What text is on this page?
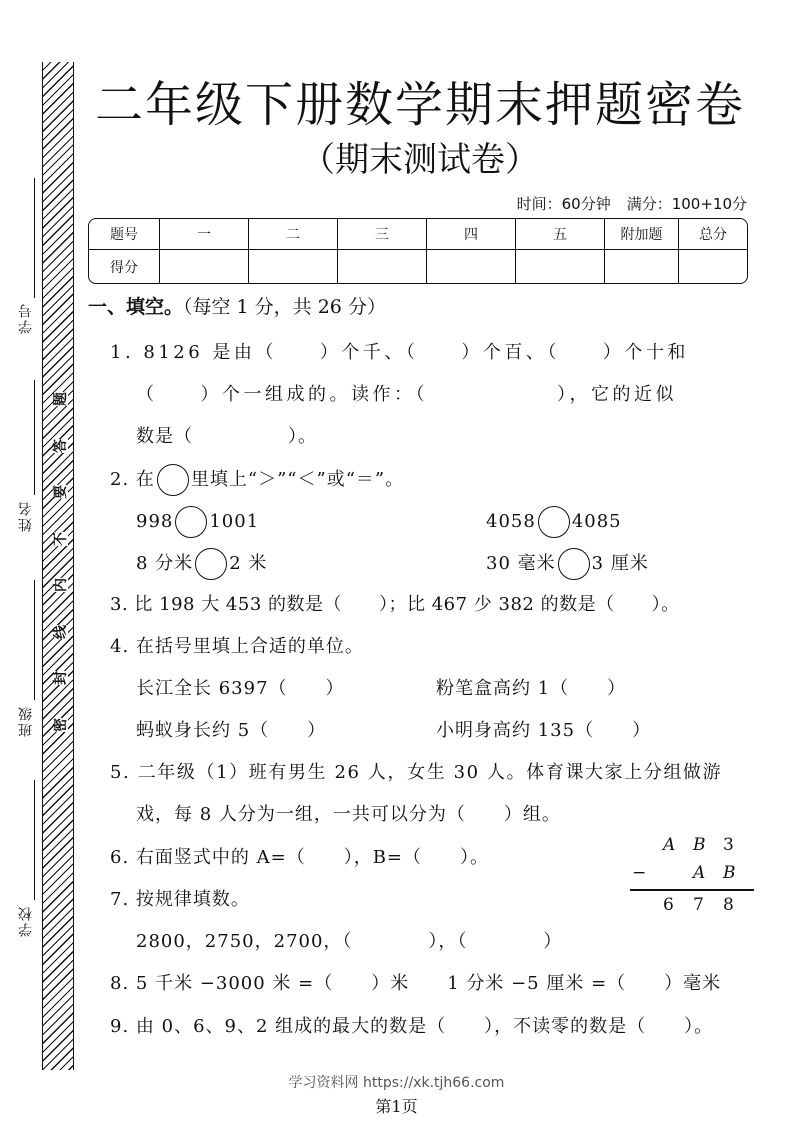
题
答
要
不
内
线
封
密
学号
姓名
班级
学校
二年级下册数学期末押题密卷
（期末测试卷）
时间：60分钟 满分：100+10分
题号	一	二	三	四	五	附加题	总分
得分							
一、填空。（每空 1 分，共 26 分）
1. 8126 是由（　　）个千、（　　）个百、（　　）个十和
（　　）个一组成的。读作：（　　　　　　），它的近似
数是（　　　　　）。
2. 在 里填上“＞”“＜”或“＝”。
998 1001	4058 4085
8 分米 2 米	30 毫米 3 厘米
3. 比 198 大 453 的数是（　　）；比 467 少 382 的数是（　　）。
4. 在括号里填上合适的单位。
长江全长 6397（　　）	粉笔盒高约 1（　　）
蚂蚁身长约 5（　　）	小明身高约 135（　　）
5. 二年级（1）班有男生 26 人，女生 30 人。体育课大家上分组做游
戏，每 8 人分为一组，一共可以分为（　　）组。
6. 右面竖式中的 A=（　　），B=（　　）。
7. 按规律填数。
2800，2750，2700，（　　　　），（　　　　）
8. 5 千米 −3000 米 =（　　）米　　1 分米 −5 厘米 =（　　）毫米
9. 由 0、6、9、2 组成的最大的数是（　　），不读零的数是（　　）。
A B 3
−	A B
6 7 8
学习资料网 https://xk.tjh66.com
第1页
